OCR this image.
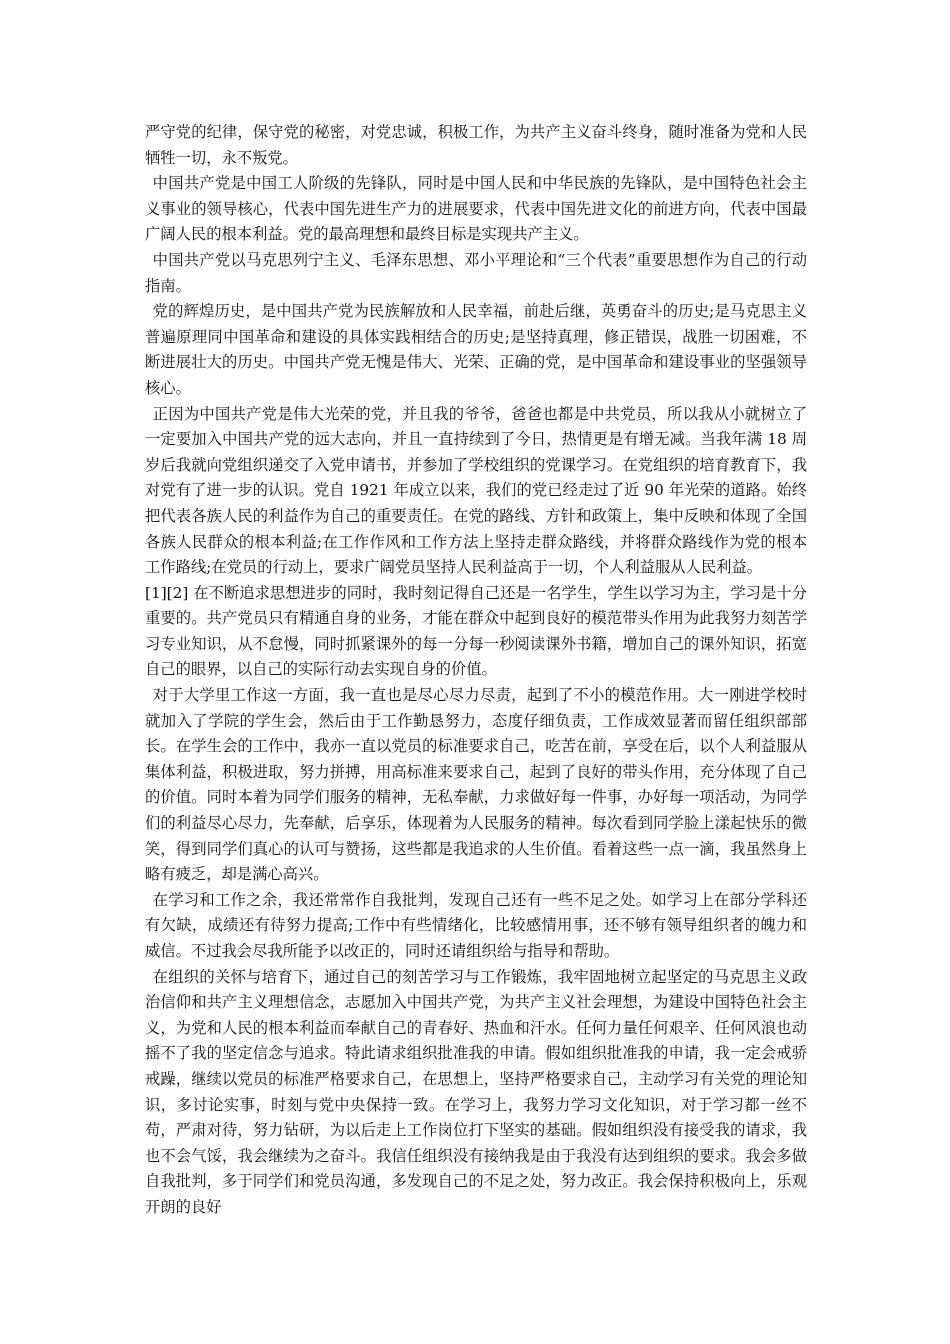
严守党的纪律，保守党的秘密，对党忠诚，积极工作，为共产主义奋斗终身，随时准备为党和人民牺牲一切，永不叛党。

中国共产党是中国工人阶级的先锋队，同时是中国人民和中华民族的先锋队，是中国特色社会主义事业的领导核心，代表中国先进生产力的进展要求，代表中国先进文化的前进方向，代表中国最广阔人民的根本利益。党的最高理想和最终目标是实现共产主义。

中国共产党以马克思列宁主义、毛泽东思想、邓小平理论和“三个代表”重要思想作为自己的行动指南。

党的辉煌历史，是中国共产党为民族解放和人民幸福，前赴后继，英勇奋斗的历史;是马克思主义普遍原理同中国革命和建设的具体实践相结合的历史;是坚持真理，修正错误，战胜一切困难，不断进展壮大的历史。中国共产党无愧是伟大、光荣、正确的党，是中国革命和建设事业的坚强领导核心。

正因为中国共产党是伟大光荣的党，并且我的爷爷，爸爸也都是中共党员，所以我从小就树立了一定要加入中国共产党的远大志向，并且一直持续到了今日，热情更是有增无减。当我年满 18 周岁后我就向党组织递交了入党申请书，并参加了学校组织的党课学习。在党组织的培育教育下，我对党有了进一步的认识。党自 1921 年成立以来，我们的党已经走过了近 90 年光荣的道路。始终把代表各族人民的利益作为自己的重要责任。在党的路线、方针和政策上，集中反映和体现了全国各族人民群众的根本利益;在工作作风和工作方法上坚持走群众路线，并将群众路线作为党的根本工作路线;在党员的行动上，要求广阔党员坚持人民利益高于一切，个人利益服从人民利益。

[1][2] 在不断追求思想进步的同时，我时刻记得自己还是一名学生，学生以学习为主，学习是十分重要的。共产党员只有精通自身的业务，才能在群众中起到良好的模范带头作用为此我努力刻苦学习专业知识，从不怠慢，同时抓紧课外的每一分每一秒阅读课外书籍，增加自己的课外知识，拓宽自己的眼界，以自己的实际行动去实现自身的价值。

对于大学里工作这一方面，我一直也是尽心尽力尽责，起到了不小的模范作用。大一刚进学校时就加入了学院的学生会，然后由于工作勤恳努力，态度仔细负责，工作成效显著而留任组织部部长。在学生会的工作中，我亦一直以党员的标准要求自己，吃苦在前，享受在后，以个人利益服从集体利益，积极进取，努力拼搏，用高标准来要求自己，起到了良好的带头作用，充分体现了自己的价值。同时本着为同学们服务的精神，无私奉献，力求做好每一件事，办好每一项活动，为同学们的利益尽心尽力，先奉献，后享乐，体现着为人民服务的精神。每次看到同学脸上漾起快乐的微笑，得到同学们真心的认可与赞扬，这些都是我追求的人生价值。看着这些一点一滴，我虽然身上略有疲乏，却是满心高兴。

在学习和工作之余，我还常常作自我批判，发现自己还有一些不足之处。如学习上在部分学科还有欠缺，成绩还有待努力提高;工作中有些情绪化，比较感情用事，还不够有领导组织者的魄力和威信。不过我会尽我所能予以改正的，同时还请组织给与指导和帮助。

在组织的关怀与培育下，通过自己的刻苦学习与工作锻炼，我牢固地树立起坚定的马克思主义政治信仰和共产主义理想信念，志愿加入中国共产党，为共产主义社会理想，为建设中国特色社会主义，为党和人民的根本利益而奉献自己的青春好、热血和汗水。任何力量任何艰辛、任何风浪也动摇不了我的坚定信念与追求。特此请求组织批准我的申请。假如组织批准我的申请，我一定会戒骄戒躁，继续以党员的标准严格要求自己，在思想上，坚持严格要求自己，主动学习有关党的理论知识，多讨论实事，时刻与党中央保持一致。在学习上，我努力学习文化知识，对于学习都一丝不苟，严肃对待，努力钻研，为以后走上工作岗位打下坚实的基础。假如组织没有接受我的请求，我也不会气馁，我会继续为之奋斗。我信任组织没有接纳我是由于我没有达到组织的要求。我会多做自我批判，多于同学们和党员沟通，多发现自己的不足之处，努力改正。我会保持积极向上，乐观开朗的良好
